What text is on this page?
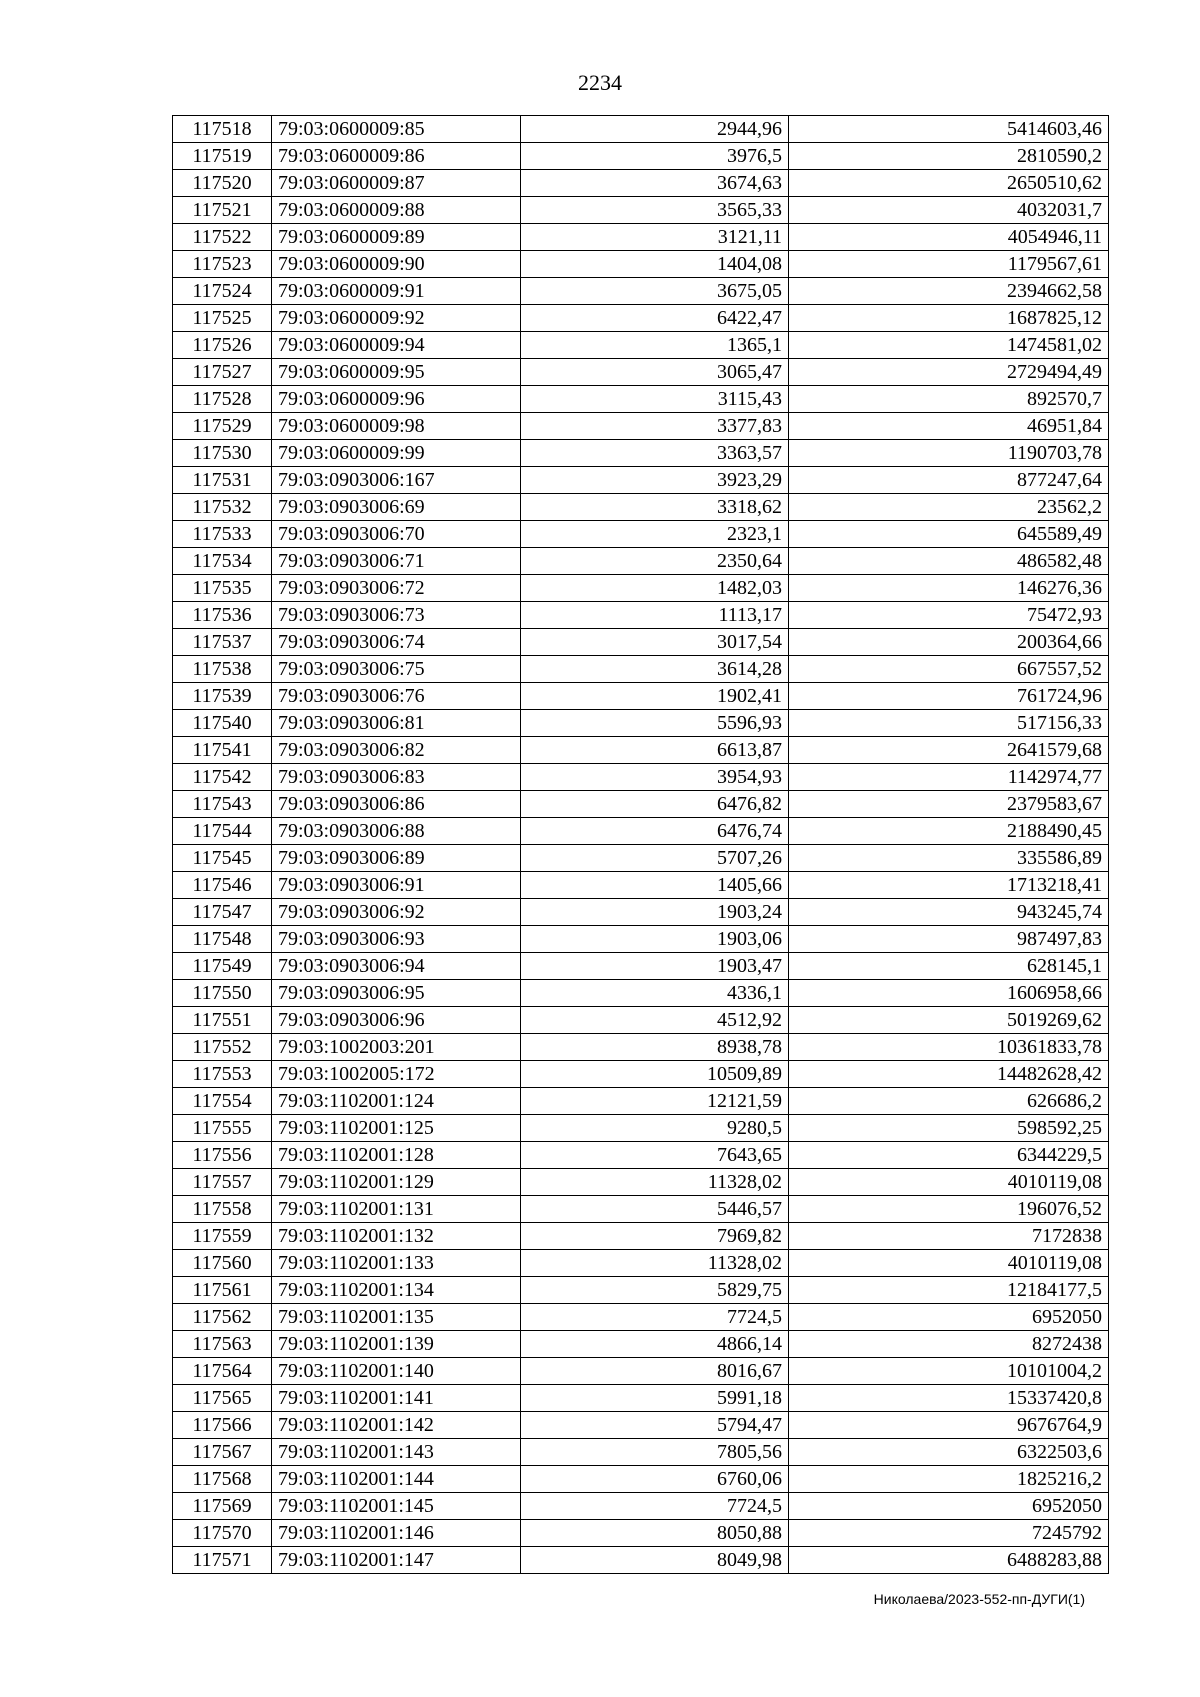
2234
117518	79:03:0600009:85	2944,96	5414603,46
117519	79:03:0600009:86	3976,5	2810590,2
117520	79:03:0600009:87	3674,63	2650510,62
117521	79:03:0600009:88	3565,33	4032031,7
117522	79:03:0600009:89	3121,11	4054946,11
117523	79:03:0600009:90	1404,08	1179567,61
117524	79:03:0600009:91	3675,05	2394662,58
117525	79:03:0600009:92	6422,47	1687825,12
117526	79:03:0600009:94	1365,1	1474581,02
117527	79:03:0600009:95	3065,47	2729494,49
117528	79:03:0600009:96	3115,43	892570,7
117529	79:03:0600009:98	3377,83	46951,84
117530	79:03:0600009:99	3363,57	1190703,78
117531	79:03:0903006:167	3923,29	877247,64
117532	79:03:0903006:69	3318,62	23562,2
117533	79:03:0903006:70	2323,1	645589,49
117534	79:03:0903006:71	2350,64	486582,48
117535	79:03:0903006:72	1482,03	146276,36
117536	79:03:0903006:73	1113,17	75472,93
117537	79:03:0903006:74	3017,54	200364,66
117538	79:03:0903006:75	3614,28	667557,52
117539	79:03:0903006:76	1902,41	761724,96
117540	79:03:0903006:81	5596,93	517156,33
117541	79:03:0903006:82	6613,87	2641579,68
117542	79:03:0903006:83	3954,93	1142974,77
117543	79:03:0903006:86	6476,82	2379583,67
117544	79:03:0903006:88	6476,74	2188490,45
117545	79:03:0903006:89	5707,26	335586,89
117546	79:03:0903006:91	1405,66	1713218,41
117547	79:03:0903006:92	1903,24	943245,74
117548	79:03:0903006:93	1903,06	987497,83
117549	79:03:0903006:94	1903,47	628145,1
117550	79:03:0903006:95	4336,1	1606958,66
117551	79:03:0903006:96	4512,92	5019269,62
117552	79:03:1002003:201	8938,78	10361833,78
117553	79:03:1002005:172	10509,89	14482628,42
117554	79:03:1102001:124	12121,59	626686,2
117555	79:03:1102001:125	9280,5	598592,25
117556	79:03:1102001:128	7643,65	6344229,5
117557	79:03:1102001:129	11328,02	4010119,08
117558	79:03:1102001:131	5446,57	196076,52
117559	79:03:1102001:132	7969,82	7172838
117560	79:03:1102001:133	11328,02	4010119,08
117561	79:03:1102001:134	5829,75	12184177,5
117562	79:03:1102001:135	7724,5	6952050
117563	79:03:1102001:139	4866,14	8272438
117564	79:03:1102001:140	8016,67	10101004,2
117565	79:03:1102001:141	5991,18	15337420,8
117566	79:03:1102001:142	5794,47	9676764,9
117567	79:03:1102001:143	7805,56	6322503,6
117568	79:03:1102001:144	6760,06	1825216,2
117569	79:03:1102001:145	7724,5	6952050
117570	79:03:1102001:146	8050,88	7245792
117571	79:03:1102001:147	8049,98	6488283,88
Николаева/2023-552-пп-ДУГИ(1)
